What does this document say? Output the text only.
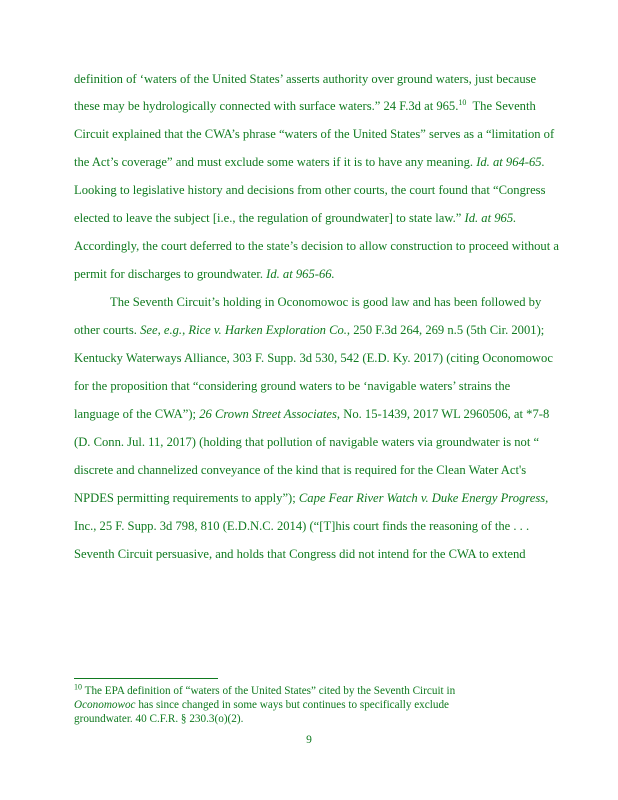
definition of ‘waters of the United States’ asserts authority over ground waters, just because
these may be hydrologically connected with surface waters.” 24 F.3d at 965.10 The Seventh
Circuit explained that the CWA’s phrase “waters of the United States” serves as a “limitation of
the Act’s coverage” and must exclude some waters if it is to have any meaning. Id. at 964-65.
Looking to legislative history and decisions from other courts, the court found that “Congress
elected to leave the subject [i.e., the regulation of groundwater] to state law.” Id. at 965.
Accordingly, the court deferred to the state’s decision to allow construction to proceed without a
permit for discharges to groundwater. Id. at 965-66.
The Seventh Circuit’s holding in Oconomowoc is good law and has been followed by
other courts. See, e.g., Rice v. Harken Exploration Co., 250 F.3d 264, 269 n.5 (5th Cir. 2001);
Kentucky Waterways Alliance, 303 F. Supp. 3d 530, 542 (E.D. Ky. 2017) (citing Oconomowoc
for the proposition that “considering ground waters to be ‘navigable waters’ strains the
language of the CWA”); 26 Crown Street Associates, No. 15-1439, 2017 WL 2960506, at *7-8
(D. Conn. Jul. 11, 2017) (holding that pollution of navigable waters via groundwater is not “
discrete and channelized conveyance of the kind that is required for the Clean Water Act's
NPDES permitting requirements to apply”); Cape Fear River Watch v. Duke Energy Progress,
Inc., 25 F. Supp. 3d 798, 810 (E.D.N.C. 2014) (“[T]his court finds the reasoning of the . . .
Seventh Circuit persuasive, and holds that Congress did not intend for the CWA to extend
$^{10}$ The EPA definition of “waters of the United States” cited by the Seventh Circuit in
Oconomowoc has since changed in some ways but continues to specifically exclude
groundwater. 40 C.F.R. § 230.3(o)(2).
9
